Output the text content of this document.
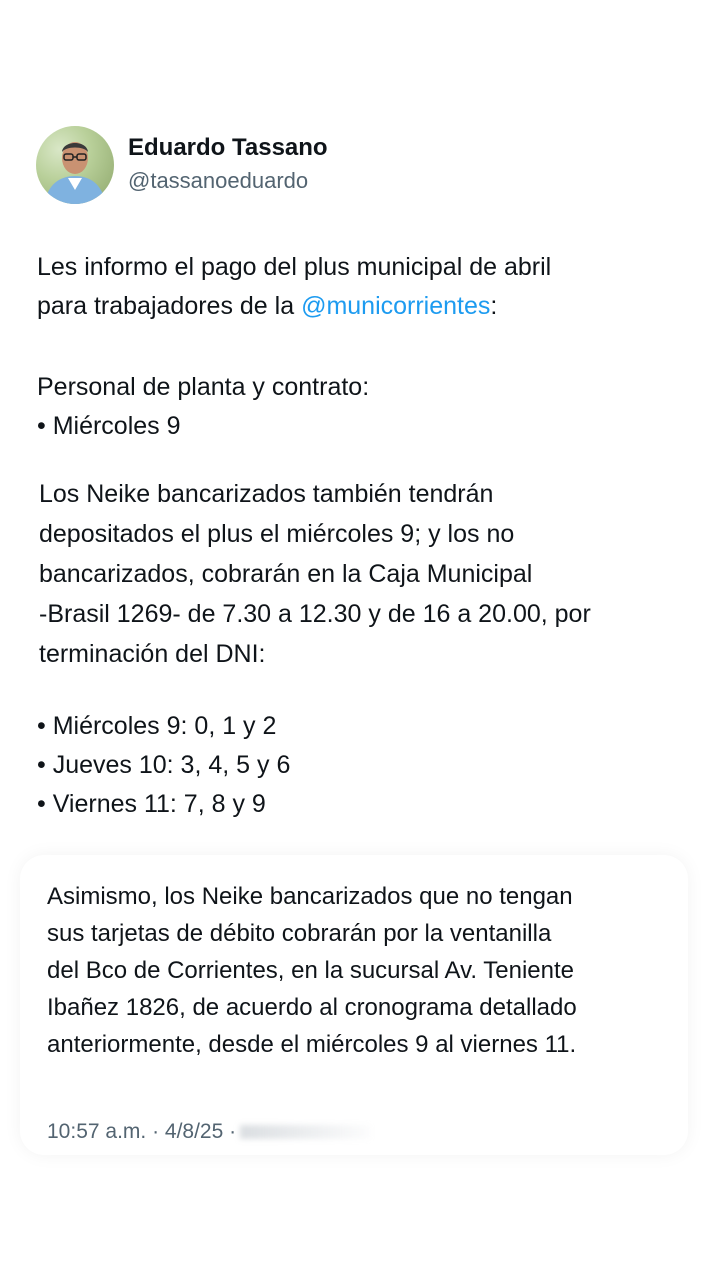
Eduardo Tassano
@tassanoeduardo
Les informo el pago del plus municipal de abril
para trabajadores de la @municorrientes:
Personal de planta y contrato:
• Miércoles 9
Los Neike bancarizados también tendrán
depositados el plus el miércoles 9; y los no
bancarizados, cobrarán en la Caja Municipal
-Brasil 1269- de 7.30 a 12.30 y de 16 a 20.00, por
terminación del DNI:
• Miércoles 9: 0, 1 y 2
• Jueves 10: 3, 4, 5 y 6
• Viernes 11: 7, 8 y 9
Asimismo, los Neike bancarizados que no tengan
sus tarjetas de débito cobrarán por la ventanilla
del Bco de Corrientes, en la sucursal Av. Teniente
Ibañez 1826, de acuerdo al cronograma detallado
anteriormente, desde el miércoles 9 al viernes 11.
10:57 a.m. · 4/8/25 ·
